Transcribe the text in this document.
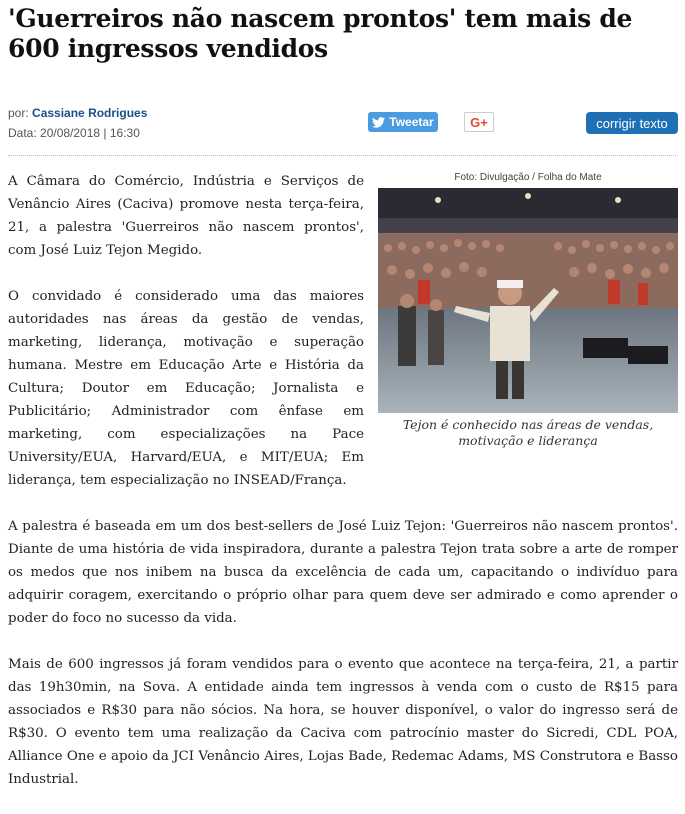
'Guerreiros não nascem prontos' tem mais de 600 ingressos vendidos
por: Cassiane Rodrigues
Data: 20/08/2018 | 16:30
Tweetar	G+	corrigir texto
Foto: Divulgação / Folha do Mate
Tejon é conhecido nas áreas de vendas, motivação e liderança

A Câmara do Comércio, Indústria e Serviços de Venâncio Aires (Caciva) promove nesta terça-feira, 21, a palestra 'Guerreiros não nascem prontos', com José Luiz Tejon Megido.

O convidado é considerado uma das maiores autoridades nas áreas da gestão de vendas, marketing, liderança, motivação e superação humana. Mestre em Educação Arte e História da Cultura; Doutor em Educação; Jornalista e Publicitário; Administrador com ênfase em marketing, com especializações na Pace University/EUA, Harvard/EUA, e MIT/EUA; Em liderança, tem especialização no INSEAD/França.

A palestra é baseada em um dos best-sellers de José Luiz Tejon: 'Guerreiros não nascem prontos'. Diante de uma história de vida inspiradora, durante a palestra Tejon trata sobre a arte de romper os medos que nos inibem na busca da excelência de cada um, capacitando o indivíduo para adquirir coragem, exercitando o próprio olhar para quem deve ser admirado e como aprender o poder do foco no sucesso da vida.

Mais de 600 ingressos já foram vendidos para o evento que acontece na terça-feira, 21, a partir das 19h30min, na Sova. A entidade ainda tem ingressos à venda com o custo de R$15 para associados e R$30 para não sócios. Na hora, se houver disponível, o valor do ingresso será de R$30. O evento tem uma realização da Caciva com patrocínio master do Sicredi, CDL POA, Alliance One e apoio da JCI Venâncio Aires, Lojas Bade, Redemac Adams, MS Construtora e Basso Industrial.
